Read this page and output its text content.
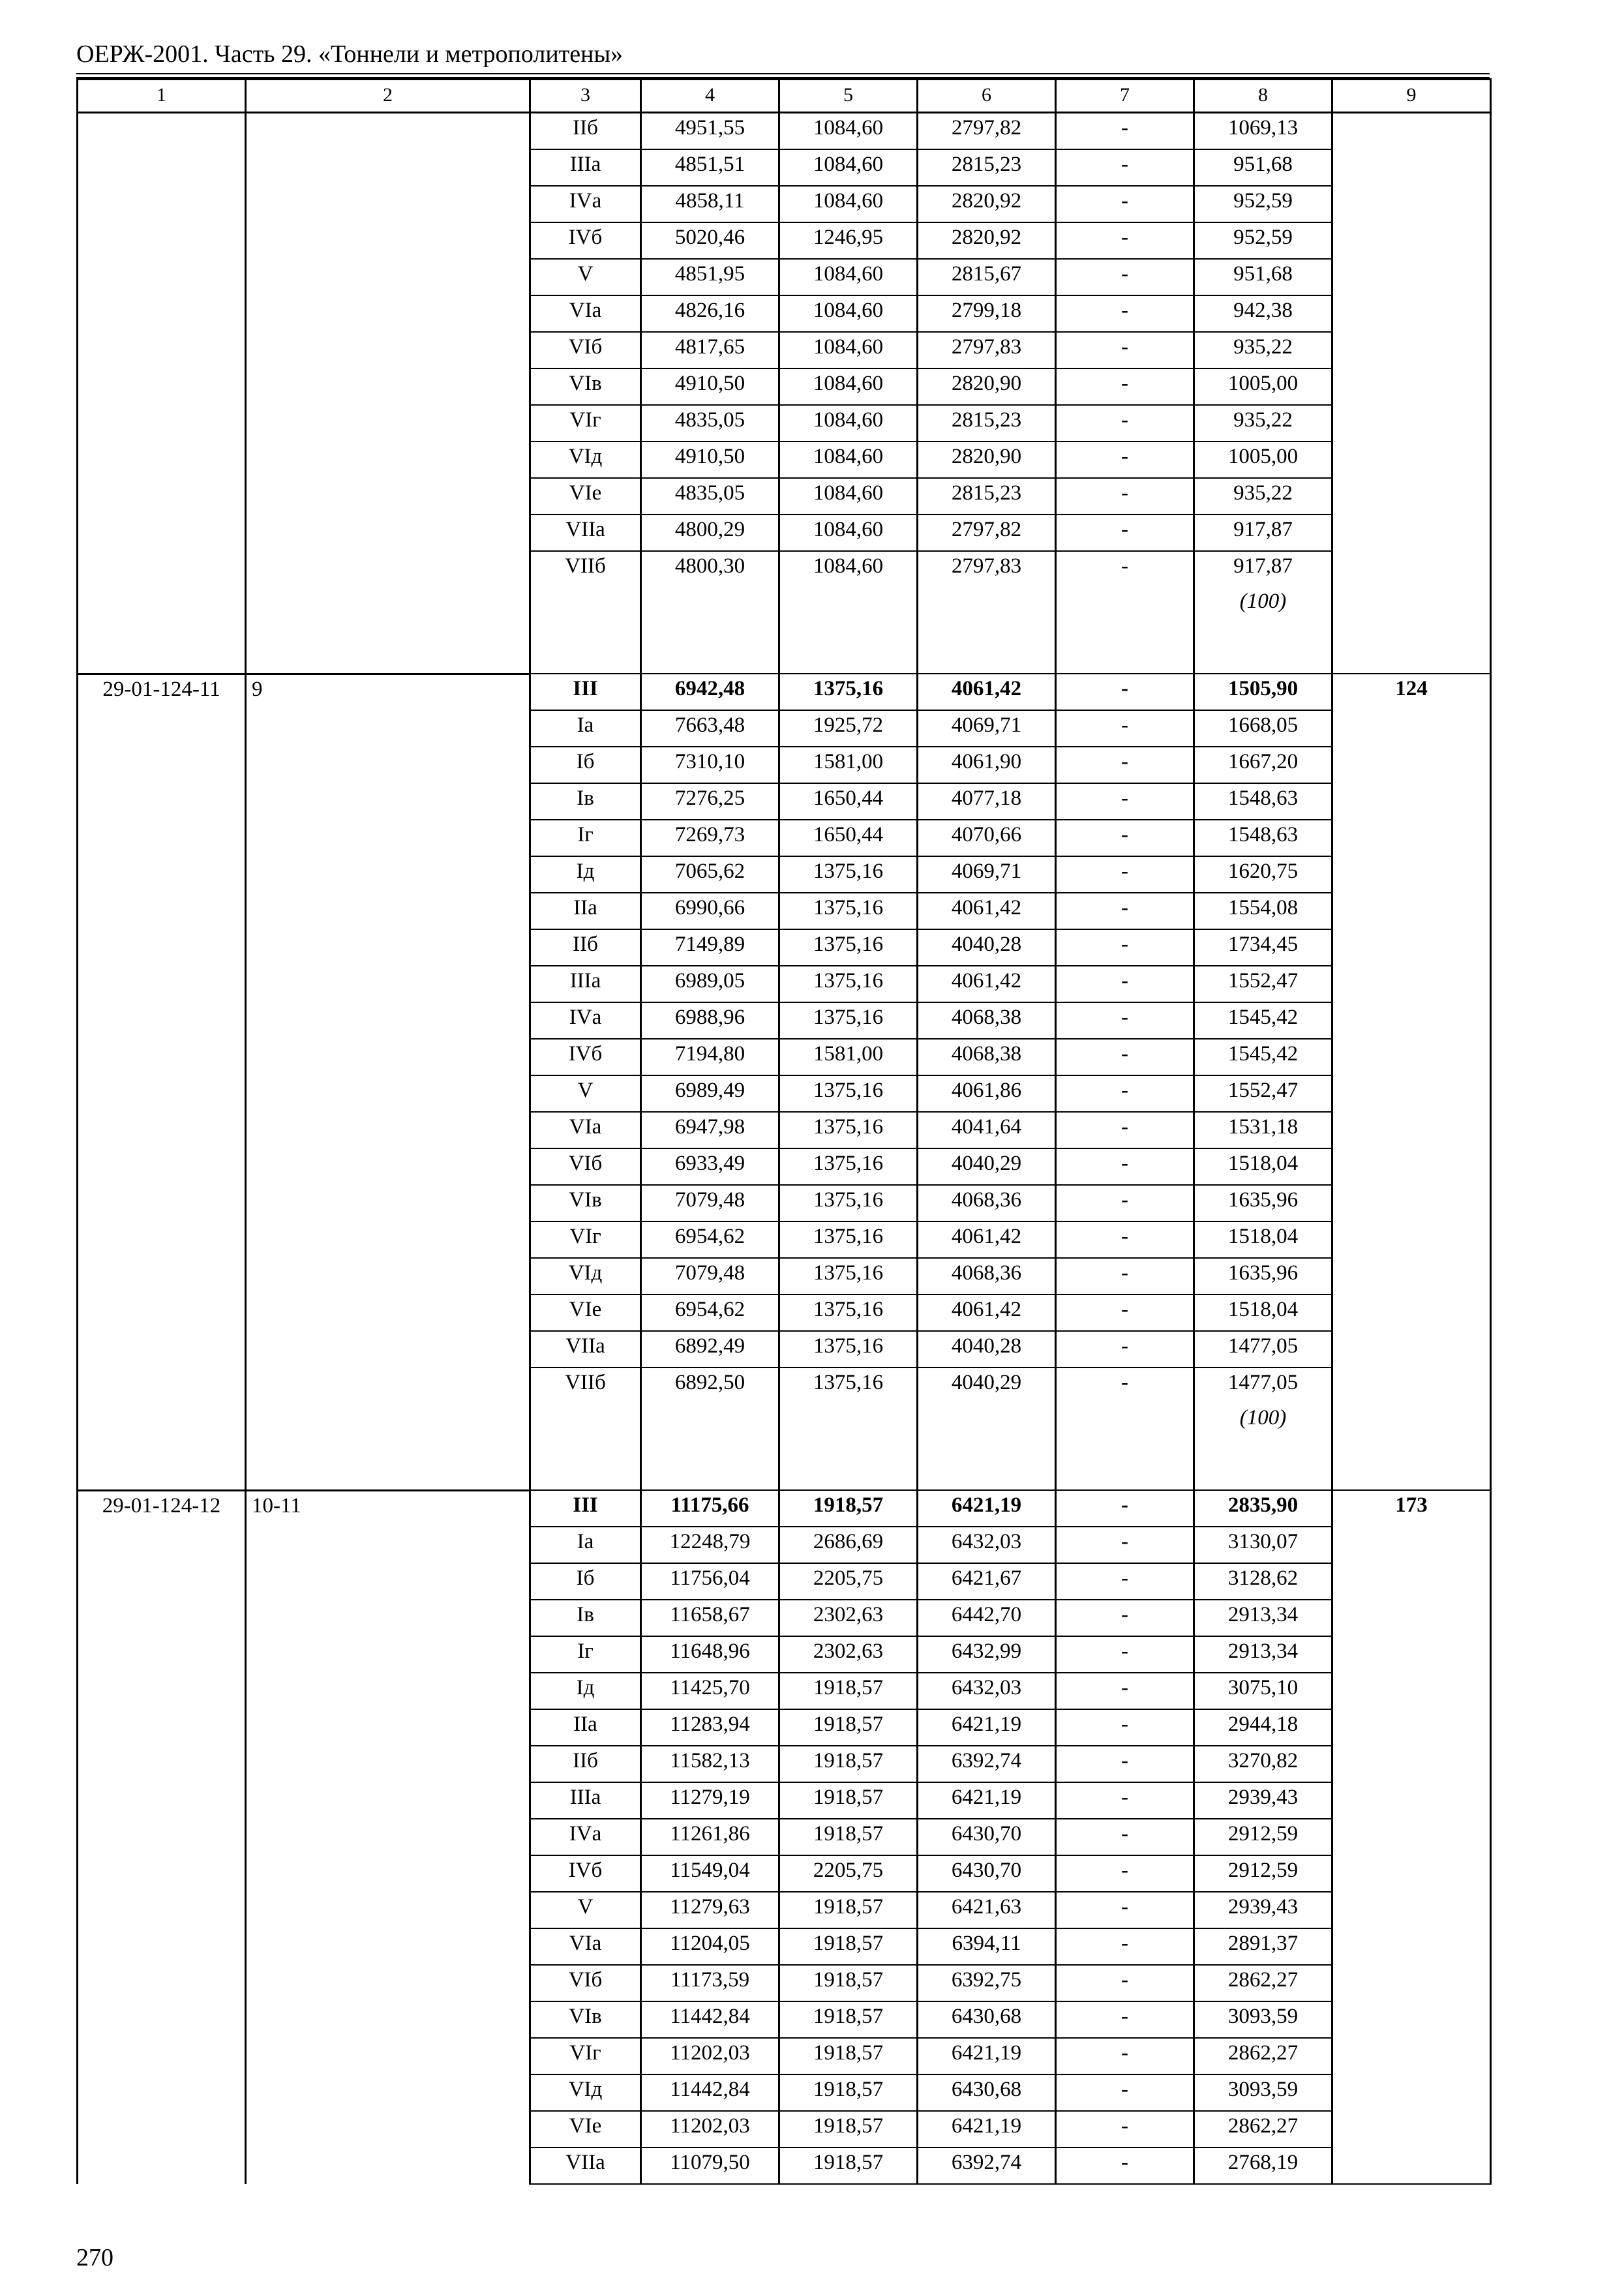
ОЕРЖ-2001. Часть 29. «Тоннели и метрополитены»
1	2	3	4	5	6	7	8	9
		IIб	4951,55	1084,60	2797,82	-	1069,13	
		IIIа	4851,51	1084,60	2815,23	-	951,68	
		IVа	4858,11	1084,60	2820,92	-	952,59	
		IVб	5020,46	1246,95	2820,92	-	952,59	
		V	4851,95	1084,60	2815,67	-	951,68	
		VIа	4826,16	1084,60	2799,18	-	942,38	
		VIб	4817,65	1084,60	2797,83	-	935,22	
		VIв	4910,50	1084,60	2820,90	-	1005,00	
		VIг	4835,05	1084,60	2815,23	-	935,22	
		VIд	4910,50	1084,60	2820,90	-	1005,00	
		VIе	4835,05	1084,60	2815,23	-	935,22	
		VIIа	4800,29	1084,60	2797,82	-	917,87	
		VIIб	4800,30	1084,60	2797,83	-	917,87	
							(100)	
29-01-124-11	9	III	6942,48	1375,16	4061,42	-	1505,90	124
		Iа	7663,48	1925,72	4069,71	-	1668,05	
		Iб	7310,10	1581,00	4061,90	-	1667,20	
		Iв	7276,25	1650,44	4077,18	-	1548,63	
		Iг	7269,73	1650,44	4070,66	-	1548,63	
		Iд	7065,62	1375,16	4069,71	-	1620,75	
		IIа	6990,66	1375,16	4061,42	-	1554,08	
		IIб	7149,89	1375,16	4040,28	-	1734,45	
		IIIа	6989,05	1375,16	4061,42	-	1552,47	
		IVа	6988,96	1375,16	4068,38	-	1545,42	
		IVб	7194,80	1581,00	4068,38	-	1545,42	
		V	6989,49	1375,16	4061,86	-	1552,47	
		VIа	6947,98	1375,16	4041,64	-	1531,18	
		VIб	6933,49	1375,16	4040,29	-	1518,04	
		VIв	7079,48	1375,16	4068,36	-	1635,96	
		VIг	6954,62	1375,16	4061,42	-	1518,04	
		VIд	7079,48	1375,16	4068,36	-	1635,96	
		VIе	6954,62	1375,16	4061,42	-	1518,04	
		VIIа	6892,49	1375,16	4040,28	-	1477,05	
		VIIб	6892,50	1375,16	4040,29	-	1477,05	
							(100)	
29-01-124-12	10-11	III	11175,66	1918,57	6421,19	-	2835,90	173
		Iа	12248,79	2686,69	6432,03	-	3130,07	
		Iб	11756,04	2205,75	6421,67	-	3128,62	
		Iв	11658,67	2302,63	6442,70	-	2913,34	
		Iг	11648,96	2302,63	6432,99	-	2913,34	
		Iд	11425,70	1918,57	6432,03	-	3075,10	
		IIа	11283,94	1918,57	6421,19	-	2944,18	
		IIб	11582,13	1918,57	6392,74	-	3270,82	
		IIIа	11279,19	1918,57	6421,19	-	2939,43	
		IVа	11261,86	1918,57	6430,70	-	2912,59	
		IVб	11549,04	2205,75	6430,70	-	2912,59	
		V	11279,63	1918,57	6421,63	-	2939,43	
		VIа	11204,05	1918,57	6394,11	-	2891,37	
		VIб	11173,59	1918,57	6392,75	-	2862,27	
		VIв	11442,84	1918,57	6430,68	-	3093,59	
		VIг	11202,03	1918,57	6421,19	-	2862,27	
		VIд	11442,84	1918,57	6430,68	-	3093,59	
		VIе	11202,03	1918,57	6421,19	-	2862,27	
		VIIа	11079,50	1918,57	6392,74	-	2768,19	
270
